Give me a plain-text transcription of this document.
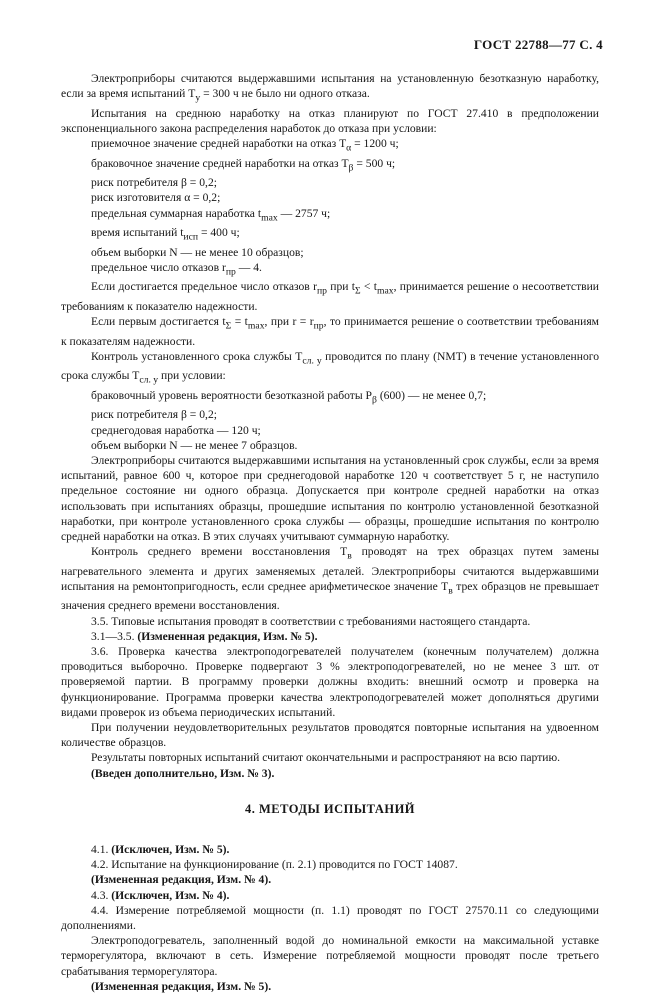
ГОСТ 22788—77 С. 4

Электроприборы считаются выдержавшими испытания на установленную безотказную наработку, если за время испытаний $T_у = 300$ ч не было ни одного отказа.

Испытания на среднюю наработку на отказ планируют по ГОСТ 27.410 в предположении экспоненциального закона распределения наработок до отказа при условии:

приемочное значение средней наработки на отказ $T_\alpha = 1200$ ч;

браковочное значение средней наработки на отказ $T_\beta = 500$ ч;

риск потребителя β = 0,2;

риск изготовителя α = 0,2;

предельная суммарная наработка $t_{max}$ — 2757 ч;

время испытаний $t_{исп} = 400$ ч;

объем выборки N — не менее 10 образцов;

предельное число отказов $r_{пр}$ — 4.

Если достигается предельное число отказов $r_{пр}$ при $t_\Sigma < t_{max}$, принимается решение о несоответствии требованиям к показателю надежности.

Если первым достигается $t_\Sigma = t_{max}$, при $r = r_{пр}$, то принимается решение о соответствии требованиям к показателям надежности.

Контроль установленного срока службы $T_{сл. у}$ проводится по плану (NMT) в течение установленного срока службы $T_{сл. у}$ при условии:

браковочный уровень вероятности безотказной работы $P_\beta$ (600) — не менее 0,7;

риск потребителя β = 0,2;

среднегодовая наработка — 120 ч;

объем выборки N — не менее 7 образцов.

Электроприборы считаются выдержавшими испытания на установленный срок службы, если за время испытаний, равное 600 ч, которое при среднегодовой наработке 120 ч соответствует 5 г, не наступило предельное состояние ни одного образца. Допускается при контроле средней наработки на отказ использовать при испытаниях образцы, прошедшие испытания по контролю установленной безотказной наработки, при контроле установленного срока службы — образцы, прошедшие испытания по контролю средней наработки на отказ. В этих случаях учитывают суммарную наработку.

Контроль среднего времени восстановления $T_в$ проводят на трех образцах путем замены нагревательного элемента и других заменяемых деталей. Электроприборы считаются выдержавшими испытания на ремонтопригодность, если среднее арифметическое значение $T_в$ трех образцов не превышает значения среднего времени восстановления.

3.5. Типовые испытания проводят в соответствии с требованиями настоящего стандарта.

3.1—3.5. (Измененная редакция, Изм. № 5).

3.6. Проверка качества электроподогревателей получателем (конечным получателем) должна проводиться выборочно. Проверке подвергают 3 % электроподогревателей, но не менее 3 шт. от проверяемой партии. В программу проверки должны входить: внешний осмотр и проверка на функционирование. Программа проверки качества электроподогревателей может дополняться другими видами проверок из объема периодических испытаний.

При получении неудовлетворительных результатов проводятся повторные испытания на удвоенном количестве образцов.

Результаты повторных испытаний считают окончательными и распространяют на всю партию.

(Введен дополнительно, Изм. № 3).

4. МЕТОДЫ ИСПЫТАНИЙ

4.1. (Исключен, Изм. № 5).

4.2. Испытание на функционирование (п. 2.1) проводится по ГОСТ 14087.

(Измененная редакция, Изм. № 4).

4.3. (Исключен, Изм. № 4).

4.4. Измерение потребляемой мощности (п. 1.1) проводят по ГОСТ 27570.11 со следующими дополнениями.

Электроподогреватель, заполненный водой до номинальной емкости на максимальной уставке терморегулятора, включают в сеть. Измерение потребляемой мощности проводят после третьего срабатывания терморегулятора.

(Измененная редакция, Изм. № 5).
